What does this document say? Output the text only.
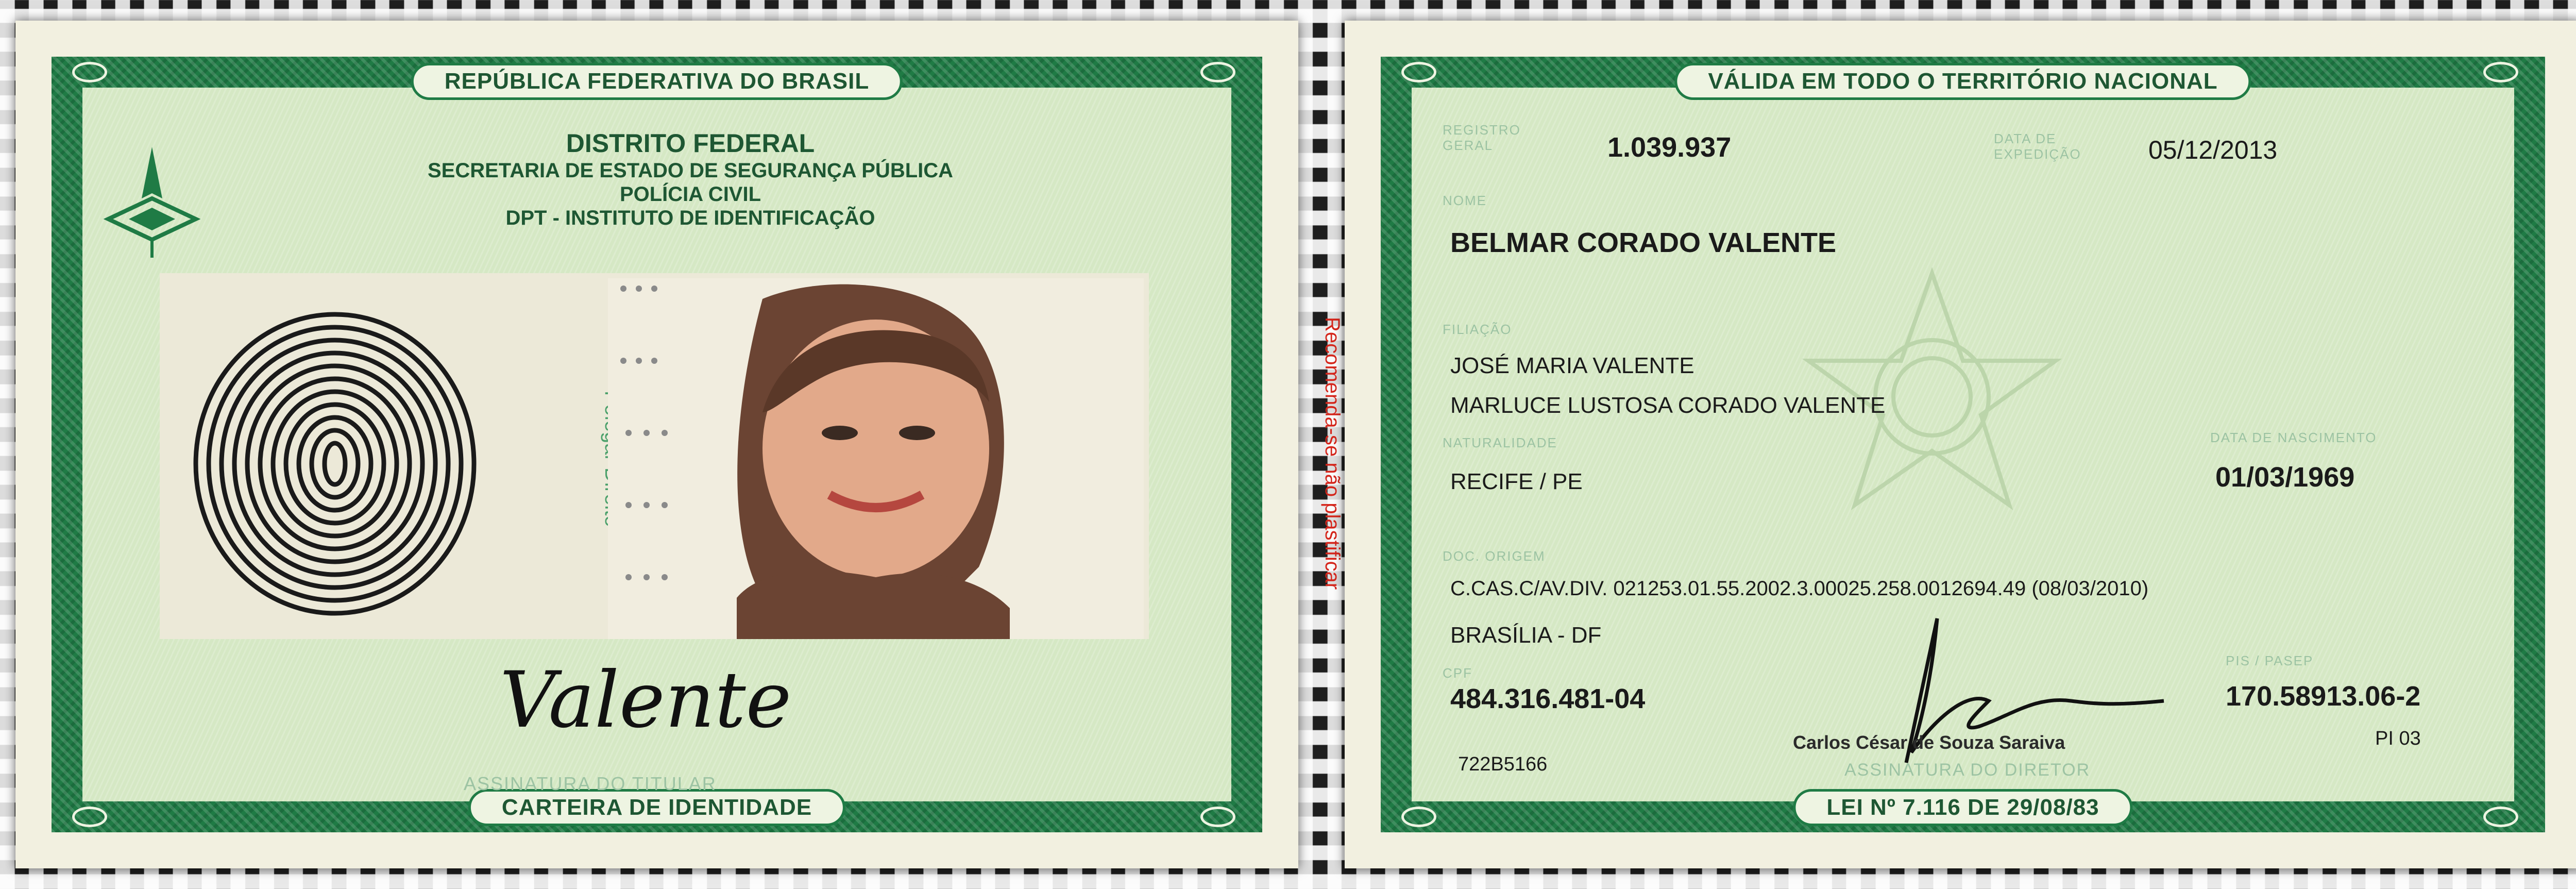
REPÚBLICA FEDERATIVA DO BRASIL
CARTEIRA DE IDENTIDADE
DISTRITO FEDERAL
SECRETARIA DE ESTADO DE SEGURANÇA PÚBLICA
POLÍCIA CIVIL
DPT - INSTITUTO DE IDENTIFICAÇÃO
Valente
ASSINATURA DO TITULAR
Recomenda-se não plastificar
VÁLIDA EM TODO O TERRITÓRIO NACIONAL
LEI Nº 7.116 DE 29/08/83
REGISTRO GERAL	1.039.937	DATA DE EXPEDIÇÃO	05/12/2013
NOME
BELMAR CORADO VALENTE
FILIAÇÃO
JOSÉ MARIA VALENTE
MARLUCE LUSTOSA CORADO VALENTE
NATURALIDADE
RECIFE / PE
DATA DE NASCIMENTO
01/03/1969
DOC. ORIGEM
C.CAS.C/AV.DIV. 021253.01.55.2002.3.00025.258.0012694.49 (08/03/2010)
BRASÍLIA - DF
CPF
484.316.481-04
PIS / PASEP
170.58913.06-2
722B5166
PI 03
Carlos César de Souza Saraiva
ASSINATURA DO DIRETOR
